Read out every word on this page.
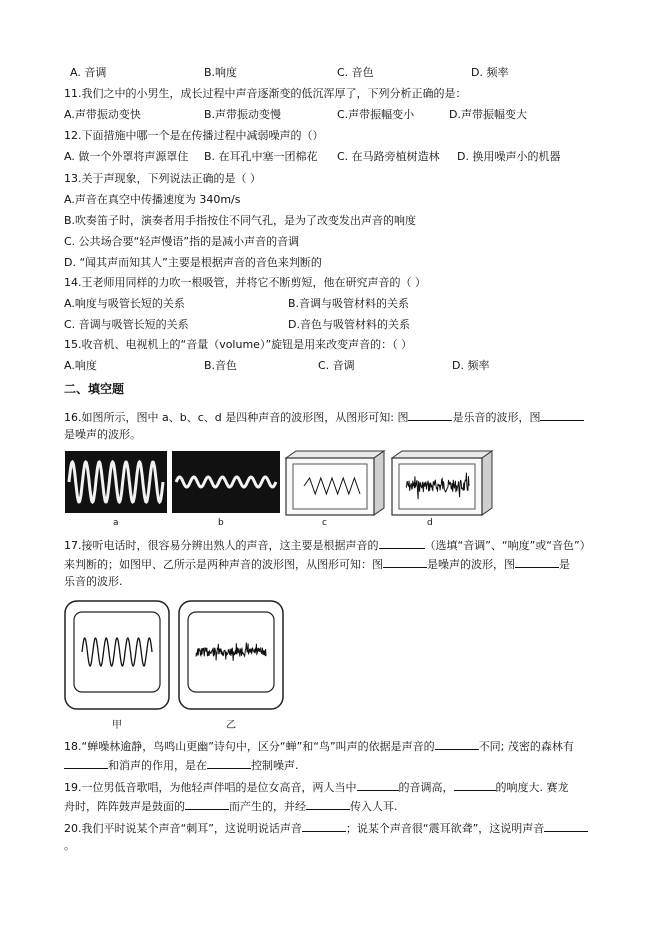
A. 音调	B.响度	C. 音色	D. 频率
11.我们之中的小男生，成长过程中声音逐渐变的低沉浑厚了，下列分析正确的是：
A.声带振动变快	B.声带振动变慢	C.声带振幅变小	D.声带振幅变大
12.下面措施中哪一个是在传播过程中减弱噪声的（）
A. 做一个外罩将声源罩住 B. 在耳孔中塞一团棉花 C. 在马路旁植树造林 D. 换用噪声小的机器
13.关于声现象，下列说法正确的是（ ）
A.声音在真空中传播速度为 340m/s
B.吹奏笛子时，演奏者用手指按住不同气孔，是为了改变发出声音的响度
C. 公共场合要“轻声慢语”指的是减小声音的音调
D. “闻其声而知其人”主要是根据声音的音色来判断的
14.王老师用同样的力吹一根吸管，并将它不断剪短，他在研究声音的（ ）
A.响度与吸管长短的关系	B.音调与吸管材料的关系
C. 音调与吸管长短的关系	D.音色与吸管材料的关系
15.收音机、电视机上的“音量（volume）”旋钮是用来改变声音的：（ ）
A.响度	B.音色	C. 音调	D. 频率
二、填空题
16.如图所示，图中 a、b、c、d 是四种声音的波形图，从图形可知: 图	是乐音的波形，图
是噪声的波形。
a	b	c	d
17.接听电话时，很容易分辨出熟人的声音，这主要是根据声音的	（选填“音调”、“响度”或“音色”）
来判断的；如图甲、乙所示是两种声音的波形图，从图形可知：图	是噪声的波形，图	是
乐音的波形.
甲	乙
18.“蝉噪林逾静，鸟鸣山更幽”诗句中，区分“蝉”和“鸟”叫声的依据是声音的	不同; 茂密的森林有
和消声的作用，是在	控制噪声.
19.一位男低音歌唱，为他轻声伴唱的是位女高音，两人当中	的音调高，	的响度大. 赛龙
舟时，阵阵鼓声是鼓面的	而产生的，并经	传入人耳.
20.我们平时说某个声音“刺耳”，这说明说话声音	；说某个声音很“震耳欲聋”，这说明声音
。
